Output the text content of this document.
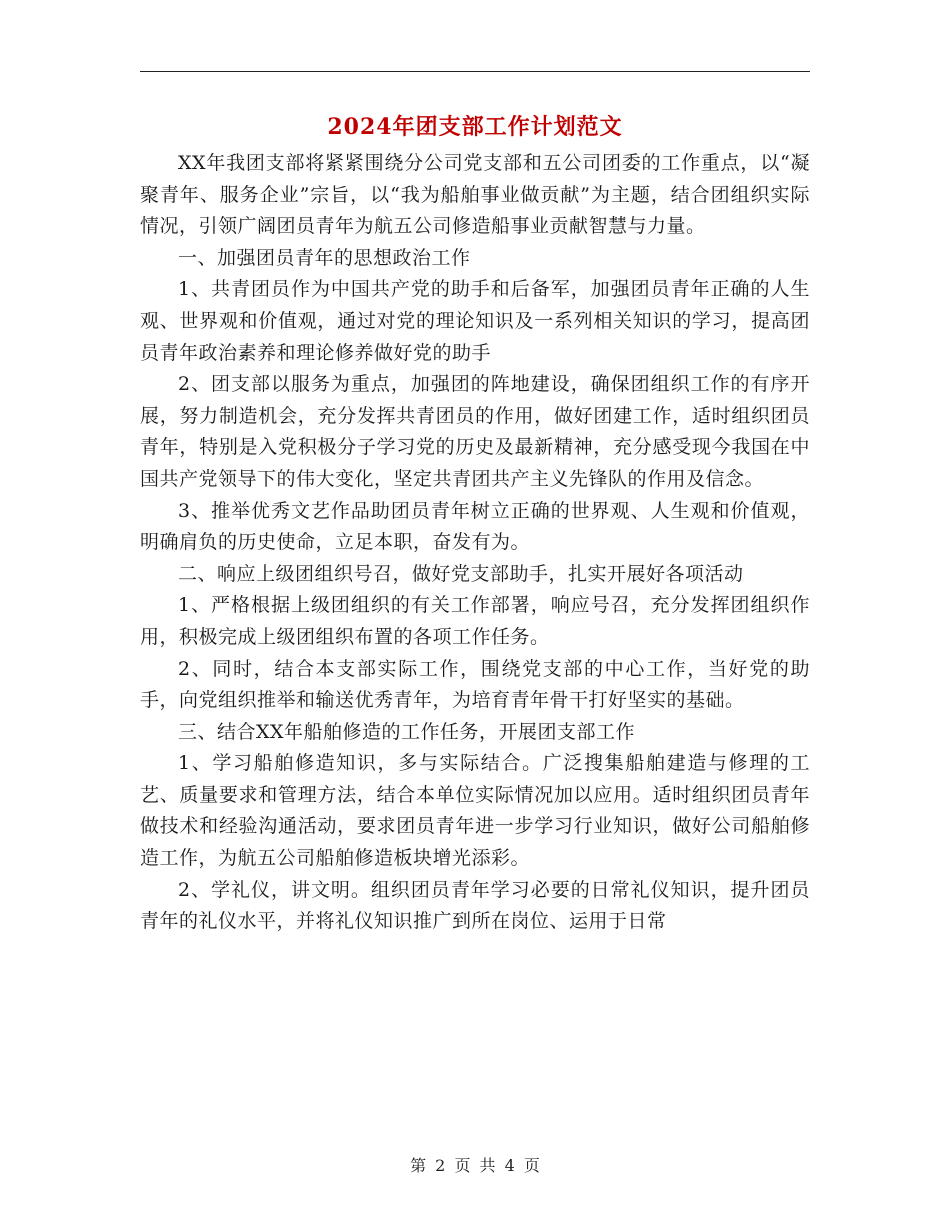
2024年团支部工作计划范文

XX年我团支部将紧紧围绕分公司党支部和五公司团委的工作重点，以“凝聚青年、服务企业”宗旨，以“我为船舶事业做贡献”为主题，结合团组织实际情况，引领广阔团员青年为航五公司修造船事业贡献智慧与力量。

一、加强团员青年的思想政治工作

1、共青团员作为中国共产党的助手和后备军，加强团员青年正确的人生观、世界观和价值观，通过对党的理论知识及一系列相关知识的学习，提高团员青年政治素养和理论修养做好党的助手

2、团支部以服务为重点，加强团的阵地建设，确保团组织工作的有序开展，努力制造机会，充分发挥共青团员的作用，做好团建工作，适时组织团员青年，特别是入党积极分子学习党的历史及最新精神，充分感受现今我国在中国共产党领导下的伟大变化，坚定共青团共产主义先锋队的作用及信念。

3、推举优秀文艺作品助团员青年树立正确的世界观、人生观和价值观，明确肩负的历史使命，立足本职，奋发有为。

二、响应上级团组织号召，做好党支部助手，扎实开展好各项活动

1、严格根据上级团组织的有关工作部署，响应号召，充分发挥团组织作用，积极完成上级团组织布置的各项工作任务。

2、同时，结合本支部实际工作，围绕党支部的中心工作，当好党的助手，向党组织推举和输送优秀青年，为培育青年骨干打好坚实的基础。

三、结合XX年船舶修造的工作任务，开展团支部工作

1、学习船舶修造知识，多与实际结合。广泛搜集船舶建造与修理的工艺、质量要求和管理方法，结合本单位实际情况加以应用。适时组织团员青年做技术和经验沟通活动，要求团员青年进一步学习行业知识，做好公司船舶修造工作，为航五公司船舶修造板块增光添彩。

2、学礼仪，讲文明。组织团员青年学习必要的日常礼仪知识，提升团员青年的礼仪水平，并将礼仪知识推广到所在岗位、运用于日常

第 2 页 共 4 页
